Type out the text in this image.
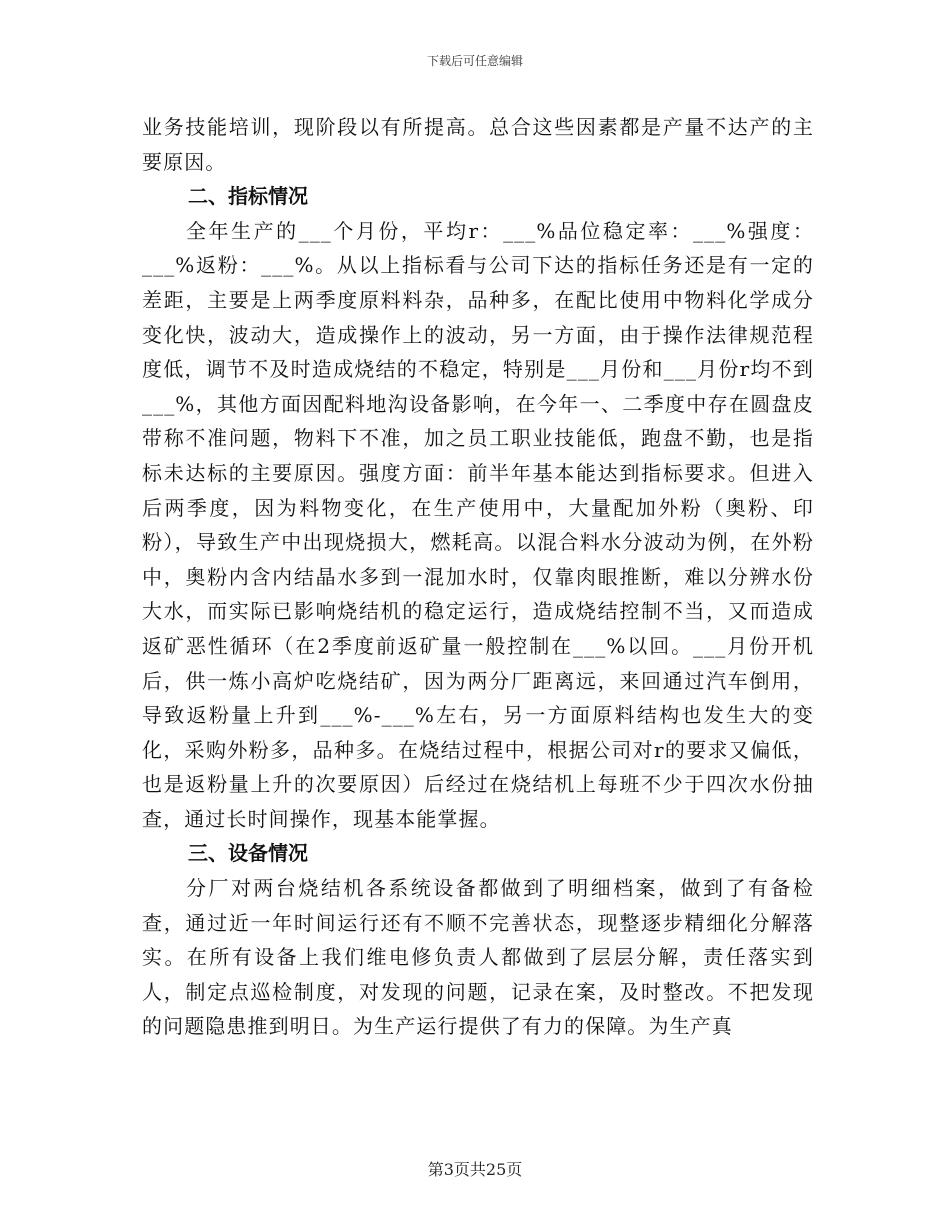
下载后可任意编辑

业务技能培训，现阶段以有所提高。总合这些因素都是产量不达产的主要原因。

二、指标情况

全年生产的___个月份，平均r：___%品位稳定率：___%强度：___%返粉：___%。从以上指标看与公司下达的指标任务还是有一定的差距，主要是上两季度原料料杂，品种多，在配比使用中物料化学成分变化快，波动大，造成操作上的波动，另一方面，由于操作法律规范程度低，调节不及时造成烧结的不稳定，特别是___月份和___月份r均不到___%，其他方面因配料地沟设备影响，在今年一、二季度中存在圆盘皮带称不准问题，物料下不准，加之员工职业技能低，跑盘不勤，也是指标未达标的主要原因。强度方面：前半年基本能达到指标要求。但进入后两季度，因为料物变化，在生产使用中，大量配加外粉（奥粉、印粉），导致生产中出现烧损大，燃耗高。以混合料水分波动为例，在外粉中，奥粉内含内结晶水多到一混加水时，仅靠肉眼推断，难以分辨水份大水，而实际已影响烧结机的稳定运行，造成烧结控制不当，又而造成返矿恶性循环（在2季度前返矿量一般控制在___%以回。___月份开机后，供一炼小高炉吃烧结矿，因为两分厂距离远，来回通过汽车倒用，导致返粉量上升到___%-___%左右，另一方面原料结构也发生大的变化，采购外粉多，品种多。在烧结过程中，根据公司对r的要求又偏低，也是返粉量上升的次要原因）后经过在烧结机上每班不少于四次水份抽查，通过长时间操作，现基本能掌握。

三、设备情况

分厂对两台烧结机各系统设备都做到了明细档案，做到了有备检查，通过近一年时间运行还有不顺不完善状态，现整逐步精细化分解落实。在所有设备上我们维电修负责人都做到了层层分解，责任落实到人，制定点巡检制度，对发现的问题，记录在案，及时整改。不把发现的问题隐患推到明日。为生产运行提供了有力的保障。为生产真

第3页共25页
